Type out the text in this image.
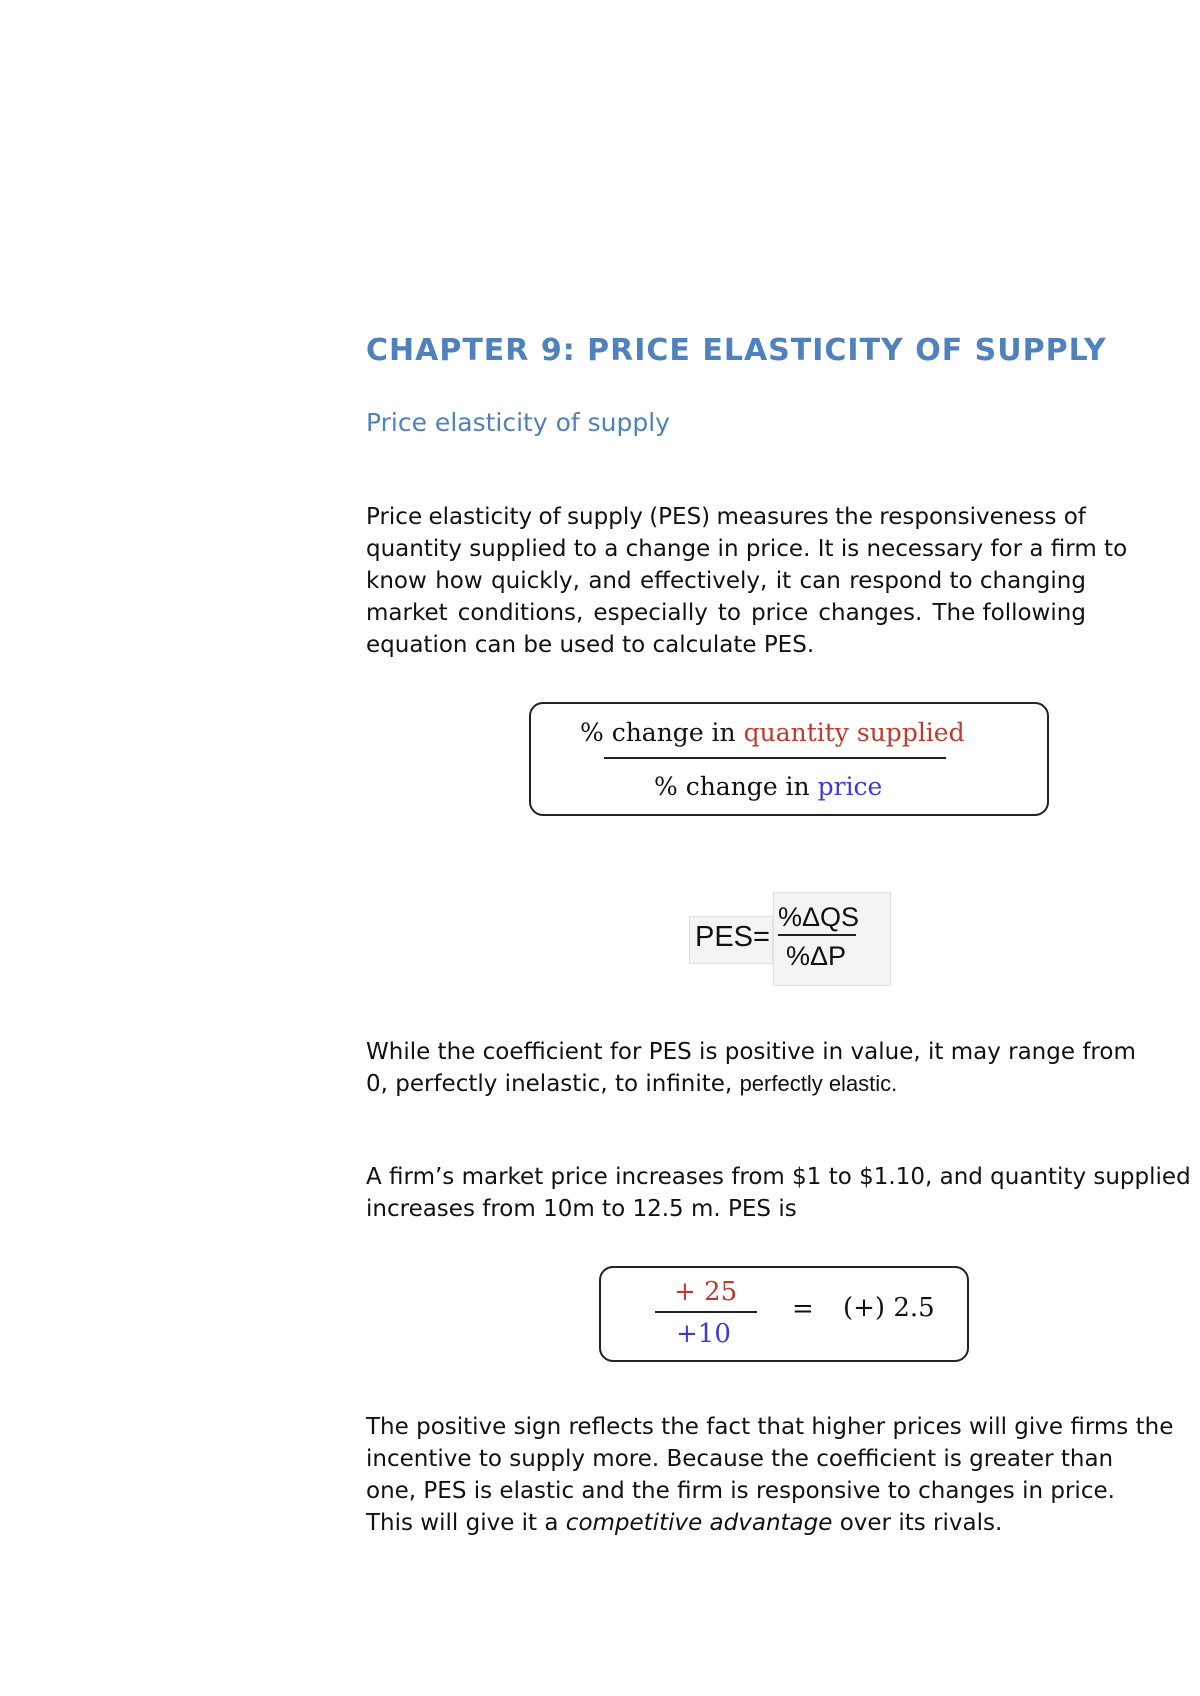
CHAPTER 9: PRICE ELASTICITY OF SUPPLY
Price elasticity of supply
Price elasticity of supply (PES) measures the responsiveness of
quantity supplied to a change in price. It is necessary for a firm to
know how quickly, and effectively, it can respond to changing
market conditions, especially to price changes. The following
equation can be used to calculate PES.
% change in quantity supplied
% change in price
PES=
%ΔQS
%ΔP
While the coefficient for PES is positive in value, it may range from
0, perfectly inelastic, to infinite, perfectly elastic.
A firm’s market price increases from $1 to $1.10, and quantity supplied
increases from 10m to 12.5 m. PES is
+ 25
+10
= (+) 2.5
The positive sign reflects the fact that higher prices will give firms the
incentive to supply more. Because the coefficient is greater than
one, PES is elastic and the firm is responsive to changes in price.
This will give it a competitive advantage over its rivals.
